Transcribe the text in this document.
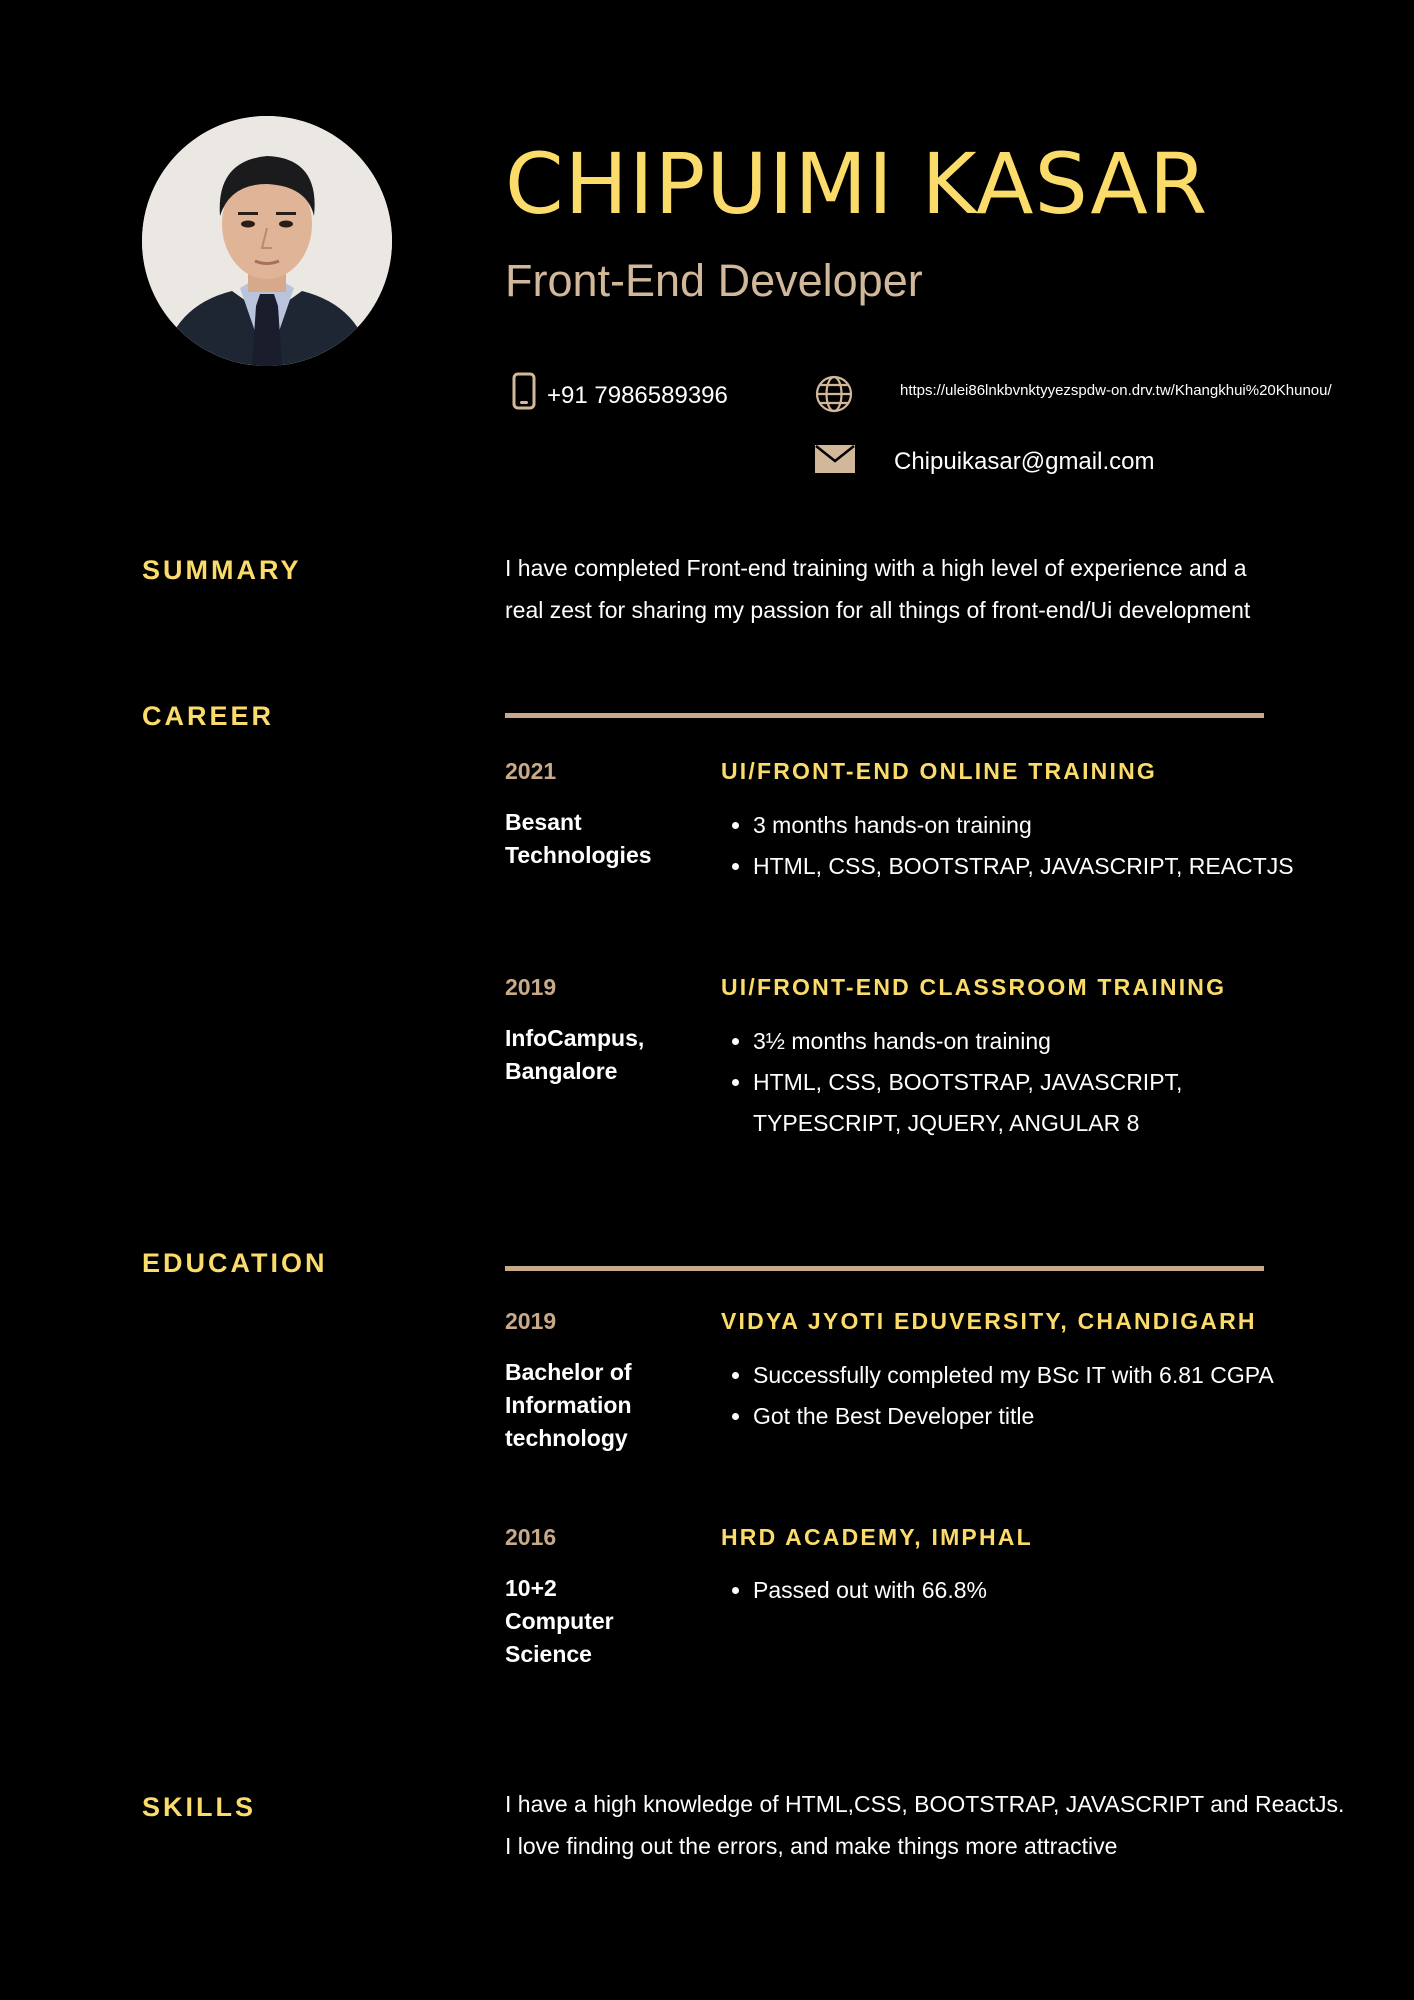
CHIPUIMI KASAR
Front-End Developer
+91 7986589396	https://ulei86lnkbvnktyyezspdw-on.drv.tw/Khangkhui%20Khunou/
Chipuikasar@gmail.com
SUMMARY	I have completed Front-end training with a high level of experience and a
real zest for sharing my passion for all things of front-end/Ui development
CAREER
2021	UI/FRONT-END ONLINE TRAINING
Besant Technologies
• 3 months hands-on training
• HTML, CSS, BOOTSTRAP, JAVASCRIPT, REACTJS
2019	UI/FRONT-END CLASSROOM TRAINING
InfoCampus, Bangalore
• 3½ months hands-on training
• HTML, CSS, BOOTSTRAP, JAVASCRIPT, TYPESCRIPT, JQUERY, ANGULAR 8
EDUCATION
2019	VIDYA JYOTI EDUVERSITY, CHANDIGARH
Bachelor of Information technology
• Successfully completed my BSc IT with 6.81 CGPA
• Got the Best Developer title
2016	HRD ACADEMY, IMPHAL
10+2 Computer Science
• Passed out with 66.8%
SKILLS	I have a high knowledge of HTML,CSS, BOOTSTRAP, JAVASCRIPT and ReactJs.
I love finding out the errors, and make things more attractive
